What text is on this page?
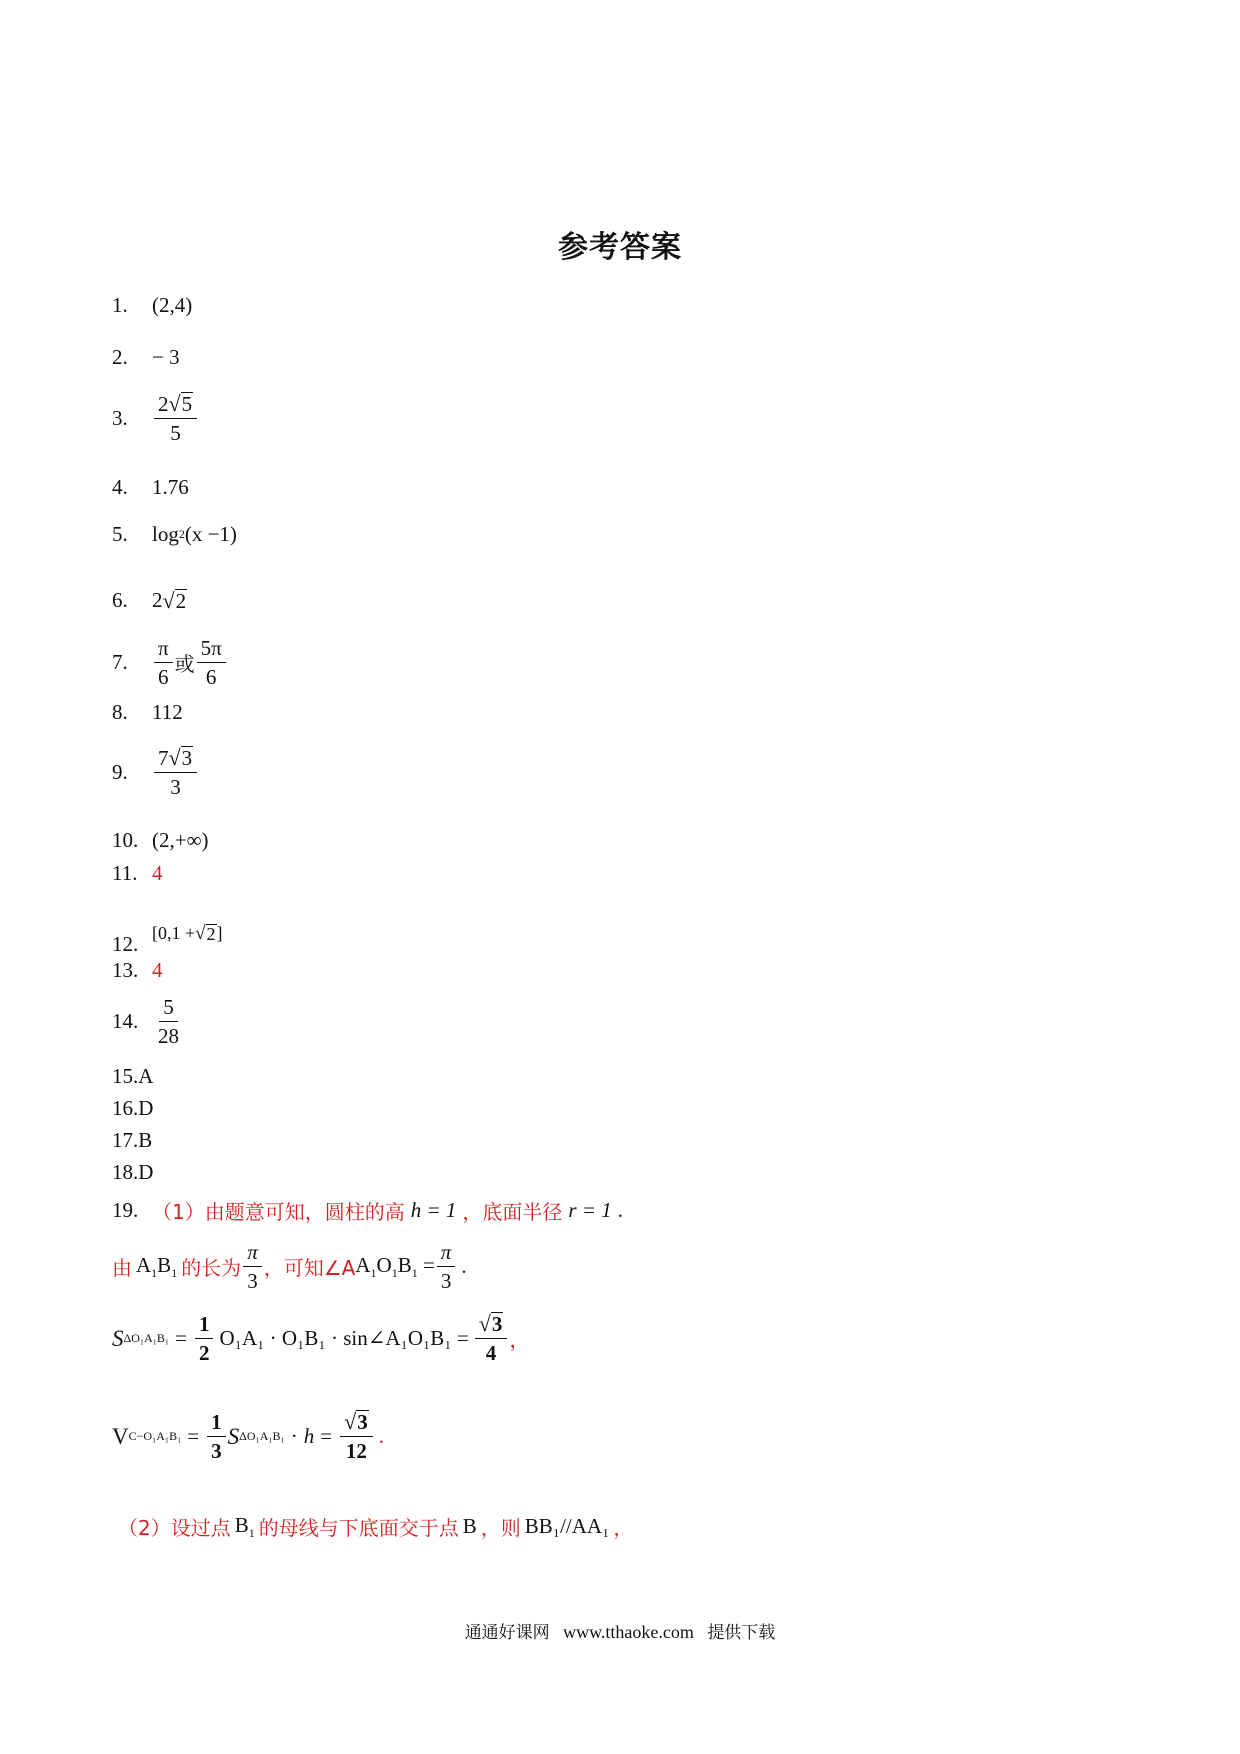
参考答案
1.	(2,4)
2.	− 3
3.	$\frac{2 √ 5}{5}$
4.	1.76
5.	log 2 (x −1)
6.	2 √ 2
7.	$\frac{\pi}{6}$ 或 $\frac{5\pi}{6}$
8.	112
9.	$\frac{7 √ 3}{3}$
10. (2,+∞)
11. 4
12. [0,1 + √ 2 ]
13. 4
14. $\frac{5}{28}$
15. A
16. D
17. B
18. D
19. （1）由题意可知，圆柱的高 h = 1 ，底面半径 r = 1 .
由 $A_1B_1$ 的长为 $\frac{\pi}{3}$ ，可知∠A $A_1O_1B_1 = \frac{\pi}{3}$ .
S $\Delta O_1A_1B_1 = \frac{1}{2} O_1A_1 \cdot O_1B_1$ · sin∠A₁O₁B₁ = $\frac{√ 3}{4}$ ，
V $C-O_1A_1B_1 = \frac{1}{3}$ S $\Delta O_1A_1B_1 \cdot h = \frac{√ 3}{12}$ .
（2）设过点 $B_1$ 的母线与下底面交于点 B ，则 BB₁//AA₁ ，
通通好课网 www.tthaoke.com 提供下载
